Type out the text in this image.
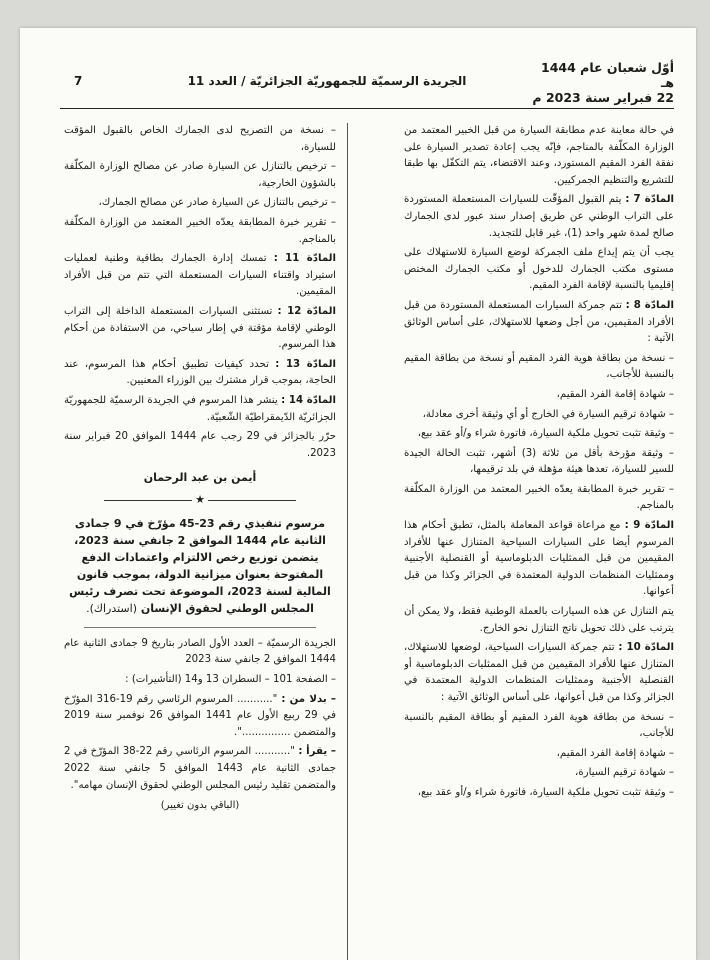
أوّل شعبان عام 1444 هـ
22 فبراير سنة 2023 م
الجريدة الرسميّة للجمهوريّة الجزائريّة / العدد 11
7

في حالة معاينة عدم مطابقة السيارة من قبل الخبير المعتمد من الوزارة المكلّفة بالمناجم، فإنّه يجب إعادة تصدير السيارة على نفقة الفرد المقيم المستورد، وعند الاقتضاء، يتم التكفّل بها طبقا للتشريع والتنظيم الجمركيين.

المادّة 7 : يتم القبول المؤقّت للسيارات المستعملة المستوردة على التراب الوطني عن طريق إصدار سند عبور لدى الجمارك صالح لمدة شهر واحد (1)، غير قابل للتجديد.

يجب أن يتم إيداع ملف الجمركة لوضع السيارة للاستهلاك على مستوى مكتب الجمارك للدخول أو مكتب الجمارك المختص إقليميا بالنسبة لإقامة الفرد المقيم.

المادّة 8 : تتم جمركة السيارات المستعملة المستوردة من قبل الأفراد المقيمين، من أجل وضعها للاستهلاك، على أساس الوثائق الآتية :

– نسخة من بطاقة هوية الفرد المقيم أو نسخة من بطاقة المقيم بالنسبة للأجانب،

– شهادة إقامة الفرد المقيم،

– شهادة ترقيم السيارة في الخارج أو أي وثيقة أخرى معادلة،

– وثيقة تثبت تحويل ملكية السيارة، فاتورة شراء و/أو عقد بيع،

– وثيقة مؤرخة بأقل من ثلاثة (3) أشهر، تثبت الحالة الجيدة للسير للسيارة، تعدها هيئة مؤهلة في بلد ترقيمها،

– تقرير خبرة المطابقة يعدّه الخبير المعتمد من الوزارة المكلّفة بالمناجم.

المادّة 9 : مع مراعاة قواعد المعاملة بالمثل، تطبق أحكام هذا المرسوم أيضا على السيارات السياحية المتنازل عنها للأفراد المقيمين من قبل الممثليات الدبلوماسية أو القنصلية الأجنبية وممثليات المنظمات الدولية المعتمدة في الجزائر وكذا من قبل أعوانها.

يتم التنازل عن هذه السيارات بالعملة الوطنية فقط، ولا يمكن أن يترتب على ذلك تحويل ناتج التنازل نحو الخارج.

المادّة 10 : تتم جمركة السيارات السياحية، لوضعها للاستهلاك، المتنازل عنها للأفراد المقيمين من قبل الممثليات الدبلوماسية أو القنصلية الأجنبية وممثليات المنظمات الدولية المعتمدة في الجزائر وكذا من قبل أعوانها، على أساس الوثائق الآتية :

– نسخة من بطاقة هوية الفرد المقيم أو بطاقة المقيم بالنسبة للأجانب،

– شهادة إقامة الفرد المقيم،

– شهادة ترقيم السيارة،

– وثيقة تثبت تحويل ملكية السيارة، فاتورة شراء و/أو عقد بيع،

– نسخة من التصريح لدى الجمارك الخاص بالقبول المؤقت للسيارة،

– ترخيص بالتنازل عن السيارة صادر عن مصالح الوزارة المكلّفة بالشؤون الخارجية،

– ترخيص بالتنازل عن السيارة صادر عن مصالح الجمارك،

– تقرير خبرة المطابقة يعدّه الخبير المعتمد من الوزارة المكلّفة بالمناجم.

المادّة 11 : تمسك إدارة الجمارك بطاقية وطنية لعمليات استيراد واقتناء السيارات المستعملة التي تتم من قبل الأفراد المقيمين.

المادّة 12 : تستثنى السيارات المستعملة الداخلة إلى التراب الوطني لإقامة مؤقتة في إطار سياحي، من الاستفادة من أحكام هذا المرسوم.

المادّة 13 : تحدد كيفيات تطبيق أحكام هذا المرسوم، عند الحاجة، بموجب قرار مشترك بين الوزراء المعنيين.

المادّة 14 : ينشر هذا المرسوم في الجريدة الرسميّة للجمهوريّة الجزائريّة الدّيمقراطيّة الشّعبيّة.

حرّر بالجزائر في 29 رجب عام 1444 الموافق 20 فبراير سنة 2023.

أيمن بن عبد الرحمان
★
مرسوم تنفيذي رقم 23-45 مؤرّخ في 9 جمادى الثانية عام 1444 الموافق 2 جانفي سنة 2023، يتضمن توزيع رخص الالتزام واعتمادات الدفع المفتوحة بعنوان ميزانية الدولة، بموجب قانون المالية لسنة 2023، الموضوعة تحت تصرف رئيس المجلس الوطني لحقوق الإنسان (استدراك).

الجريدة الرسميّة – العدد الأول الصادر بتاريخ 9 جمادى الثانية عام 1444 الموافق 2 جانفي سنة 2023

– الصفحة 101 – السطران 13 و14 (التأشيرات) :

– بدلا من : "........... المرسوم الرئاسي رقم 19-316 المؤرّخ في 29 ربيع الأول عام 1441 الموافق 26 نوفمبر سنة 2019 والمتضمن ...............".

– يقرأ : "........... المرسوم الرئاسي رقم 22-38 المؤرّخ في 2 جمادى الثانية عام 1443 الموافق 5 جانفي سنة 2022 والمتضمن تقليد رئيس المجلس الوطني لحقوق الإنسان مهامه".

(الباقي بدون تغيير)
